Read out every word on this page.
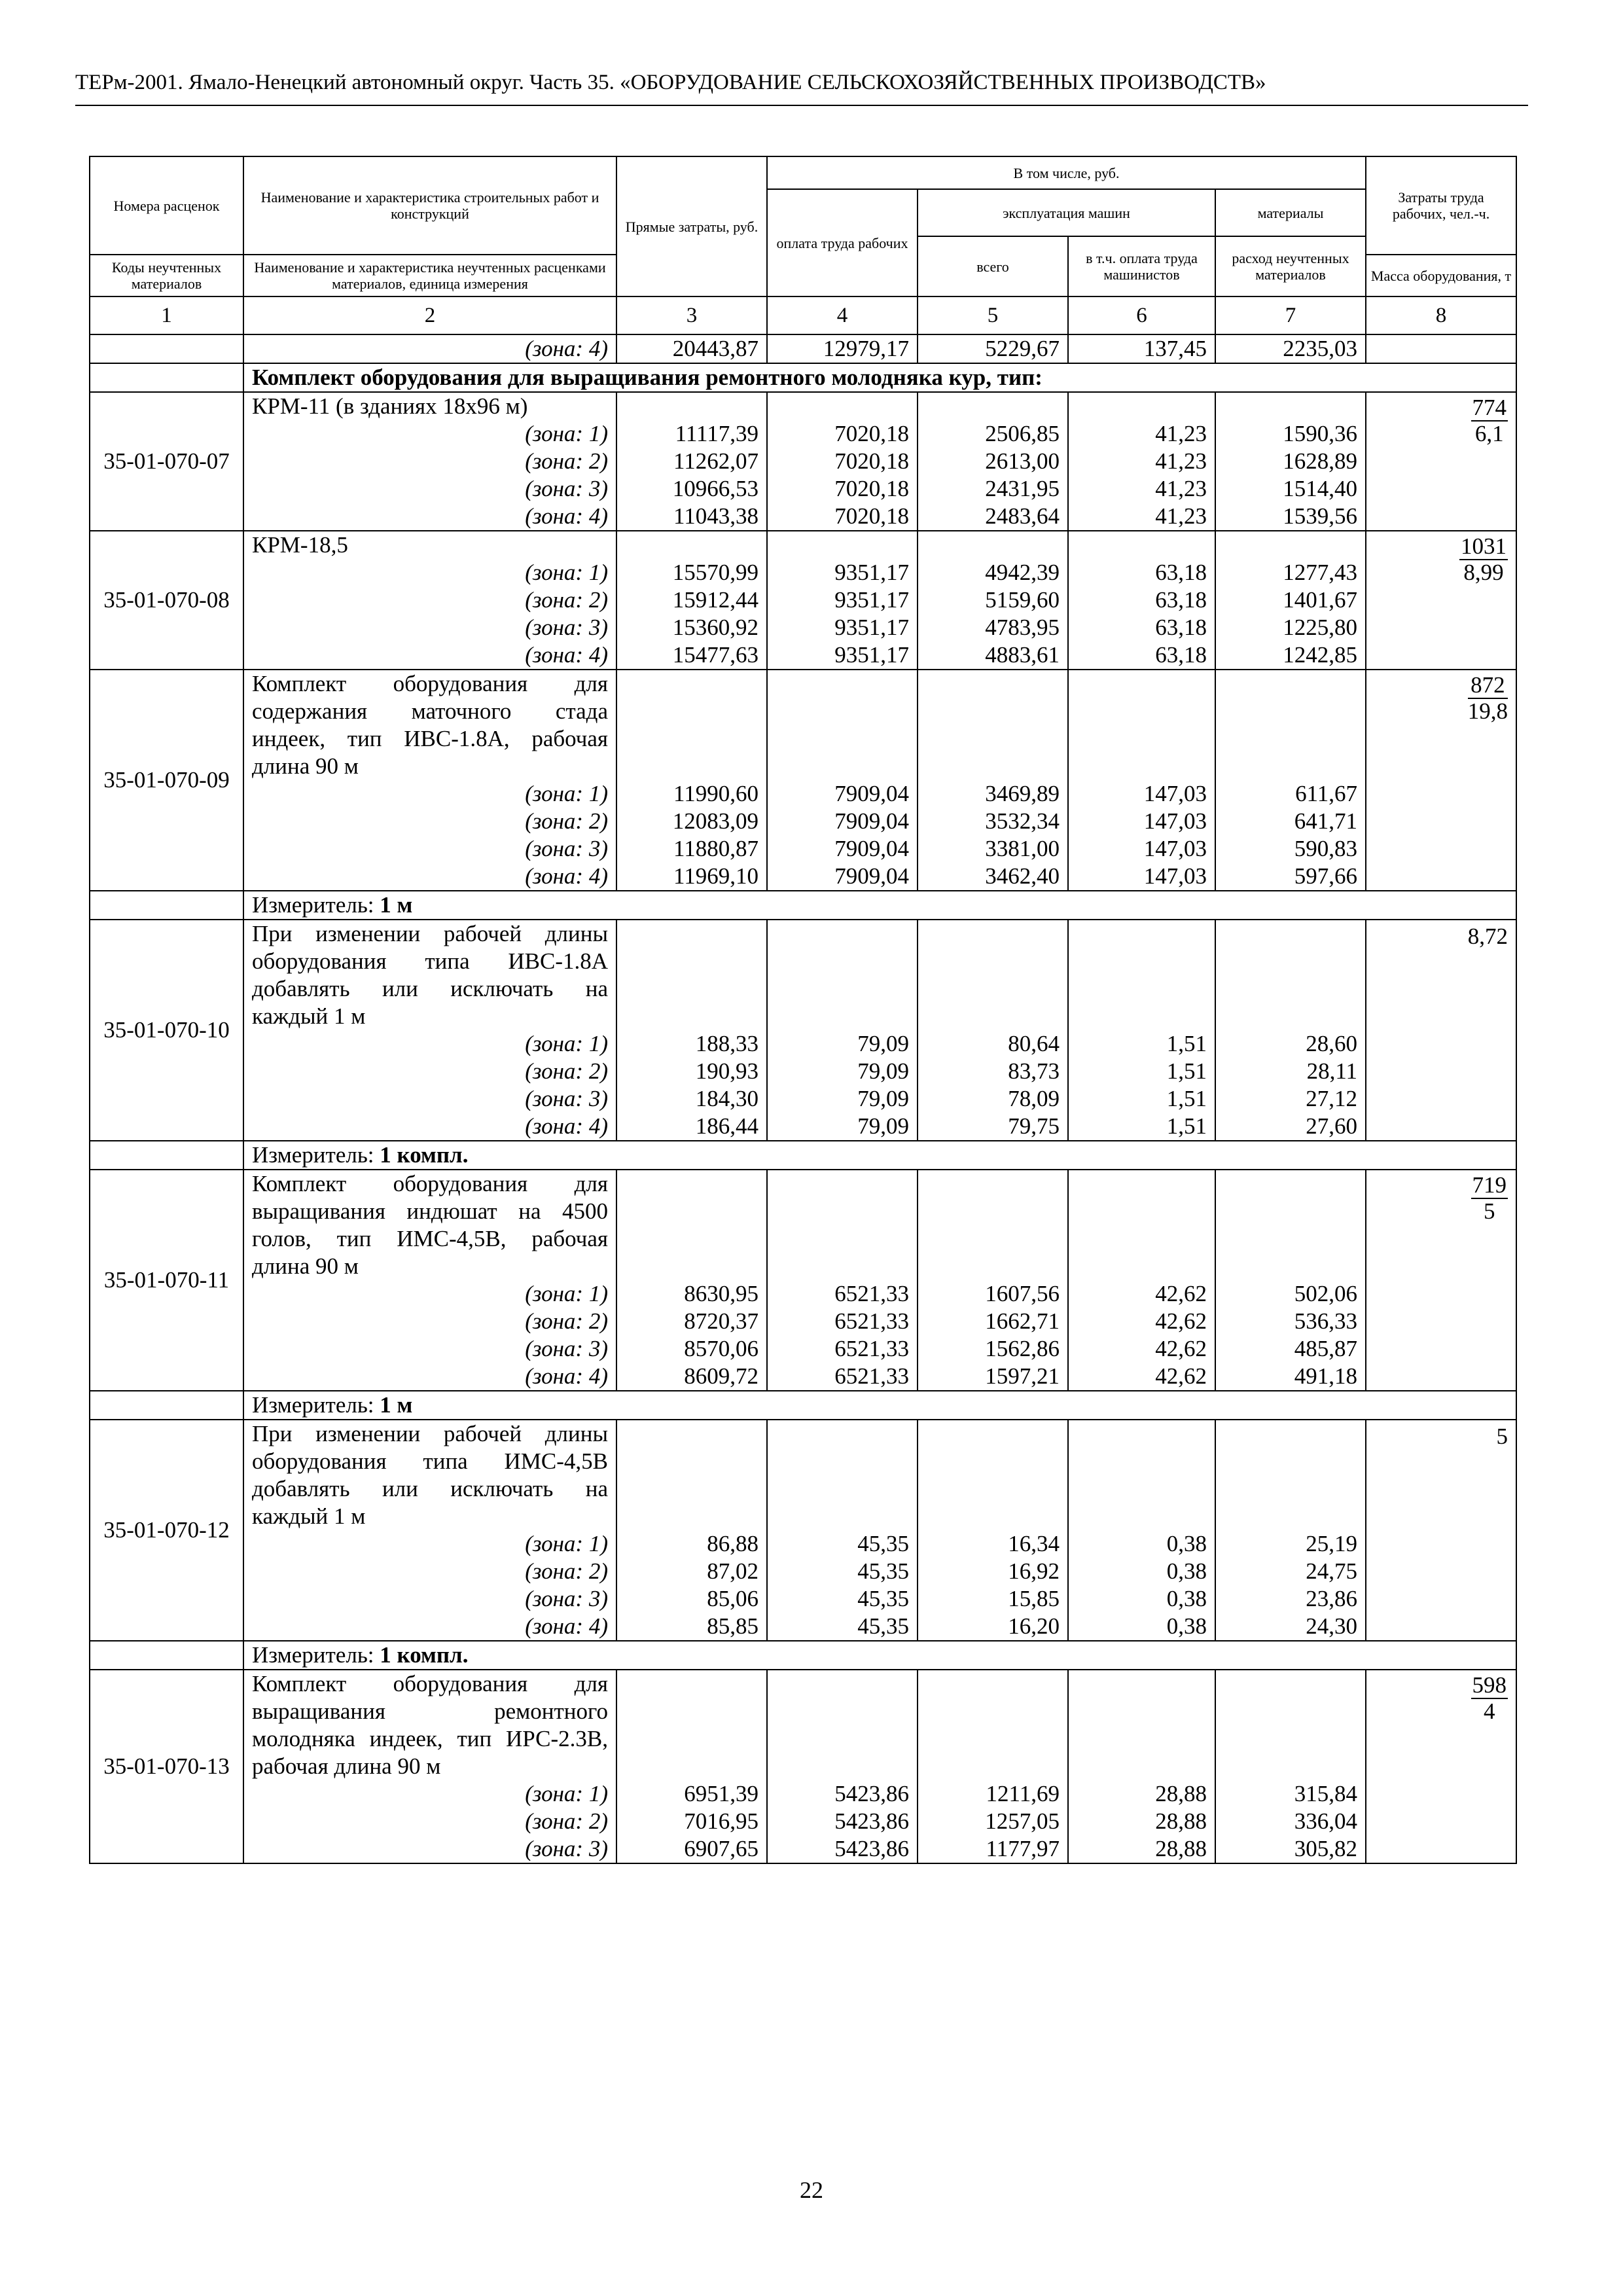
ТЕРм-2001. Ямало-Ненецкий автономный округ. Часть 35. «ОБОРУДОВАНИЕ СЕЛЬСКОХОЗЯЙСТВЕННЫХ ПРОИЗВОДСТВ»
Номера расценок	Наименование и характеристика строительных работ и конструкций	Прямые затраты, руб.	В том числе, руб.				Затраты труда рабочих, чел.-ч.
			оплата труда рабочих	эксплуатация машин		материалы	
				всего	в т.ч. оплата труда машинистов	расход неучтенных материалов	
Коды неучтенных материалов	Наименование и характеристика неучтенных расценками материалов, единица измерения						Масса оборудования, т
1	2	3	4	5	6	7	8
	(зона: 4)	20443,87	12979,17	5229,67	137,45	2235,03	
	Комплект оборудования для выращивания ремонтного молодняка кур, тип:						
35-01-070-07	КРМ-11 (в зданиях 18x96 м)						$\frac{774}{6,1}$

	(зона: 1)	11117,39	7020,18	2506,85	41,23	1590,36	
	(зона: 2)	11262,07	7020,18	2613,00	41,23	1628,89	
	(зона: 3)	10966,53	7020,18	2431,95	41,23	1514,40	
	(зона: 4)	11043,38	7020,18	2483,64	41,23	1539,56	
35-01-070-08	КРМ-18,5						$\frac{1031}{8,99}$

	(зона: 1)	15570,99	9351,17	4942,39	63,18	1277,43	
	(зона: 2)	15912,44	9351,17	5159,60	63,18	1401,67	
	(зона: 3)	15360,92	9351,17	4783,95	63,18	1225,80	
	(зона: 4)	15477,63	9351,17	4883,61	63,18	1242,85	
35-01-070-09	Комплект оборудования для содержания маточного стада индеек, тип ИВС-1.8А, рабочая длина 90 м						$\frac{872}{19,8}$

	(зона: 1)	11990,60	7909,04	3469,89	147,03	611,67	
	(зона: 2)	12083,09	7909,04	3532,34	147,03	641,71	
	(зона: 3)	11880,87	7909,04	3381,00	147,03	590,83	
	(зона: 4)	11969,10	7909,04	3462,40	147,03	597,66	
	Измеритель: 1 м						
35-01-070-10	При изменении рабочей длины оборудования типа ИВС-1.8А добавлять или исключать на каждый 1 м						8,72
	(зона: 1)	188,33	79,09	80,64	1,51	28,60	
	(зона: 2)	190,93	79,09	83,73	1,51	28,11	
	(зона: 3)	184,30	79,09	78,09	1,51	27,12	
	(зона: 4)	186,44	79,09	79,75	1,51	27,60	
	Измеритель: 1 компл.						
35-01-070-11	Комплект оборудования для выращивания индюшат на 4500 голов, тип ИМС-4,5В, рабочая длина 90 м						$\frac{719}{5}$

	(зона: 1)	8630,95	6521,33	1607,56	42,62	502,06	
	(зона: 2)	8720,37	6521,33	1662,71	42,62	536,33	
	(зона: 3)	8570,06	6521,33	1562,86	42,62	485,87	
	(зона: 4)	8609,72	6521,33	1597,21	42,62	491,18	
	Измеритель: 1 м						
35-01-070-12	При изменении рабочей длины оборудования типа ИМС-4,5В добавлять или исключать на каждый 1 м						5
	(зона: 1)	86,88	45,35	16,34	0,38	25,19	
	(зона: 2)	87,02	45,35	16,92	0,38	24,75	
	(зона: 3)	85,06	45,35	15,85	0,38	23,86	
	(зона: 4)	85,85	45,35	16,20	0,38	24,30	
	Измеритель: 1 компл.						
35-01-070-13	Комплект оборудования для выращивания ремонтного молодняка индеек, тип ИРС-2.3В, рабочая длина 90 м						$\frac{598}{4}$

	(зона: 1)	6951,39	5423,86	1211,69	28,88	315,84	
	(зона: 2)	7016,95	5423,86	1257,05	28,88	336,04	
	(зона: 3)	6907,65	5423,86	1177,97	28,88	305,82	
22
